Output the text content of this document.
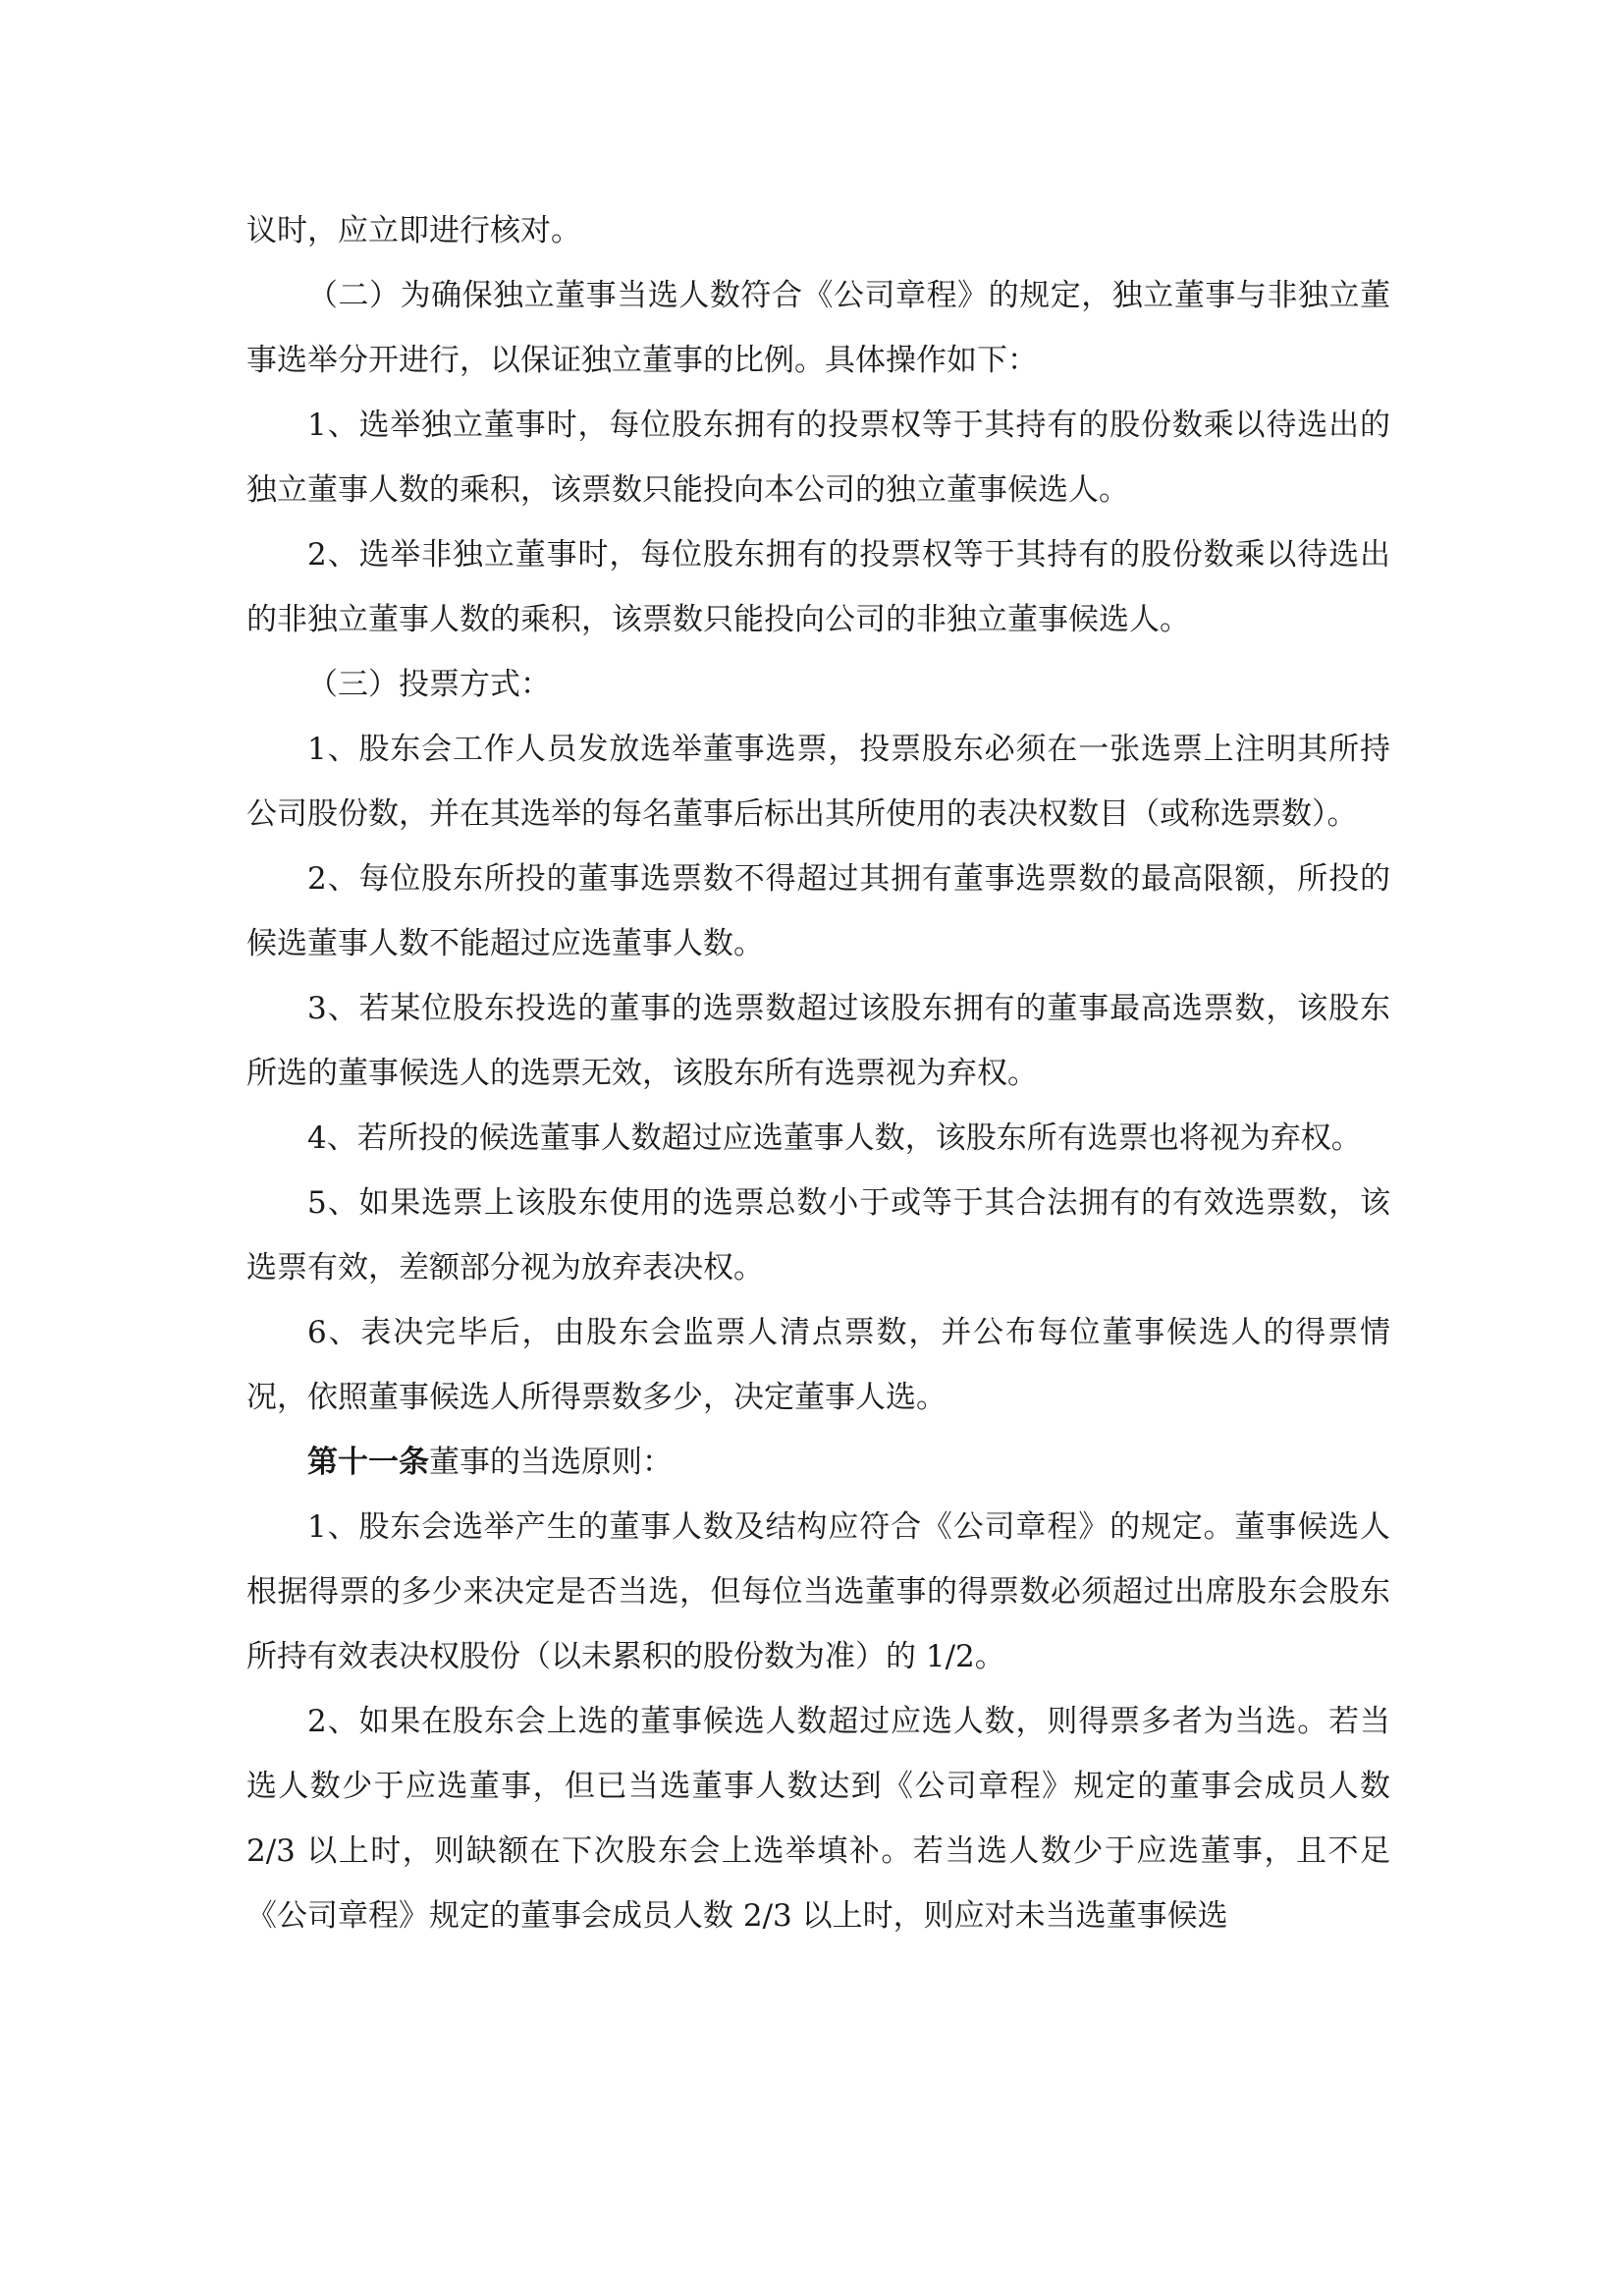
议时，应立即进行核对。

（二）为确保独立董事当选人数符合《公司章程》的规定，独立董事与非独立董事选举分开进行，以保证独立董事的比例。具体操作如下：

1、选举独立董事时，每位股东拥有的投票权等于其持有的股份数乘以待选出的独立董事人数的乘积，该票数只能投向本公司的独立董事候选人。

2、选举非独立董事时，每位股东拥有的投票权等于其持有的股份数乘以待选出的非独立董事人数的乘积，该票数只能投向公司的非独立董事候选人。

（三）投票方式：

1、股东会工作人员发放选举董事选票，投票股东必须在一张选票上注明其所持公司股份数，并在其选举的每名董事后标出其所使用的表决权数目（或称选票数）。

2、每位股东所投的董事选票数不得超过其拥有董事选票数的最高限额，所投的候选董事人数不能超过应选董事人数。

3、若某位股东投选的董事的选票数超过该股东拥有的董事最高选票数，该股东所选的董事候选人的选票无效，该股东所有选票视为弃权。

4、若所投的候选董事人数超过应选董事人数，该股东所有选票也将视为弃权。

5、如果选票上该股东使用的选票总数小于或等于其合法拥有的有效选票数，该选票有效，差额部分视为放弃表决权。

6、表决完毕后，由股东会监票人清点票数，并公布每位董事候选人的得票情况，依照董事候选人所得票数多少，决定董事人选。

第十一条董事的当选原则：

1、股东会选举产生的董事人数及结构应符合《公司章程》的规定。董事候选人根据得票的多少来决定是否当选，但每位当选董事的得票数必须超过出席股东会股东所持有效表决权股份（以未累积的股份数为准）的 1/2。

2、如果在股东会上选的董事候选人数超过应选人数，则得票多者为当选。若当选人数少于应选董事，但已当选董事人数达到《公司章程》规定的董事会成员人数 2/3 以上时，则缺额在下次股东会上选举填补。若当选人数少于应选董事，且不足《公司章程》规定的董事会成员人数 2/3 以上时，则应对未当选董事候选
